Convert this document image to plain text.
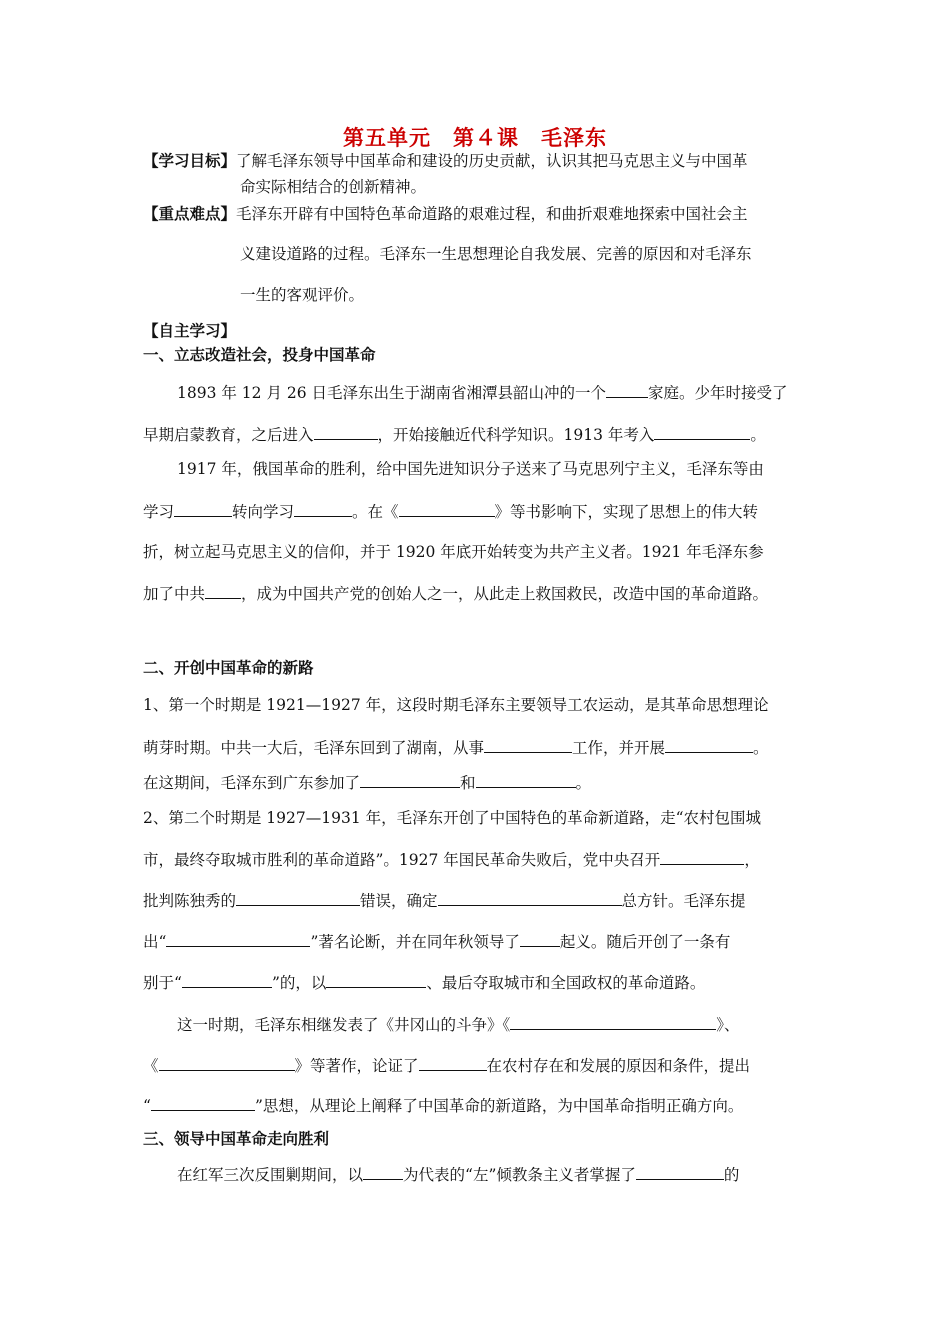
第五单元　第４课　毛泽东
【学习目标】了解毛泽东领导中国革命和建设的历史贡献，认识其把马克思主义与中国革
命实际相结合的创新精神。
【重点难点】毛泽东开辟有中国特色革命道路的艰难过程，和曲折艰难地探索中国社会主
义建设道路的过程。毛泽东一生思想理论自我发展、完善的原因和对毛泽东
一生的客观评价。
【自主学习】
一、立志改造社会，投身中国革命
1893 年 12 月 26 日毛泽东出生于湖南省湘潭县韶山冲的一个	家庭。少年时接受了
早期启蒙教育，之后进入	，开始接触近代科学知识。1913 年考入	。
1917 年，俄国革命的胜利，给中国先进知识分子送来了马克思列宁主义，毛泽东等由
学习	转向学习	。在《	》等书影响下，实现了思想上的伟大转
折，树立起马克思主义的信仰，并于 1920 年底开始转变为共产主义者。1921 年毛泽东参
加了中共 ，成为中国共产党的创始人之一，从此走上救国救民，改造中国的革命道路。
二、开创中国革命的新路
1、第一个时期是 1921—1927 年，这段时期毛泽东主要领导工农运动，是其革命思想理论
萌芽时期。中共一大后，毛泽东回到了湖南，从事	工作，并开展	。
在这期间，毛泽东到广东参加了	和	。
2、第二个时期是 1927—1931 年，毛泽东开创了中国特色的革命新道路，走“农村包围城
市，最终夺取城市胜利的革命道路”。1927 年国民革命失败后，党中央召开	，
批判陈独秀的	错误，确定	总方针。毛泽东提
出“	”著名论断，并在同年秋领导了	起义。随后开创了一条有
别于“	”的，以	、最后夺取城市和全国政权的革命道路。
这一时期，毛泽东相继发表了《井冈山的斗争》《	》、
《	》等著作，论证了	在农村存在和发展的原因和条件，提出
“	”思想，从理论上阐释了中国革命的新道路，为中国革命指明正确方向。
三、领导中国革命走向胜利
在红军三次反围剿期间，以	为代表的“左”倾教条主义者掌握了	的
